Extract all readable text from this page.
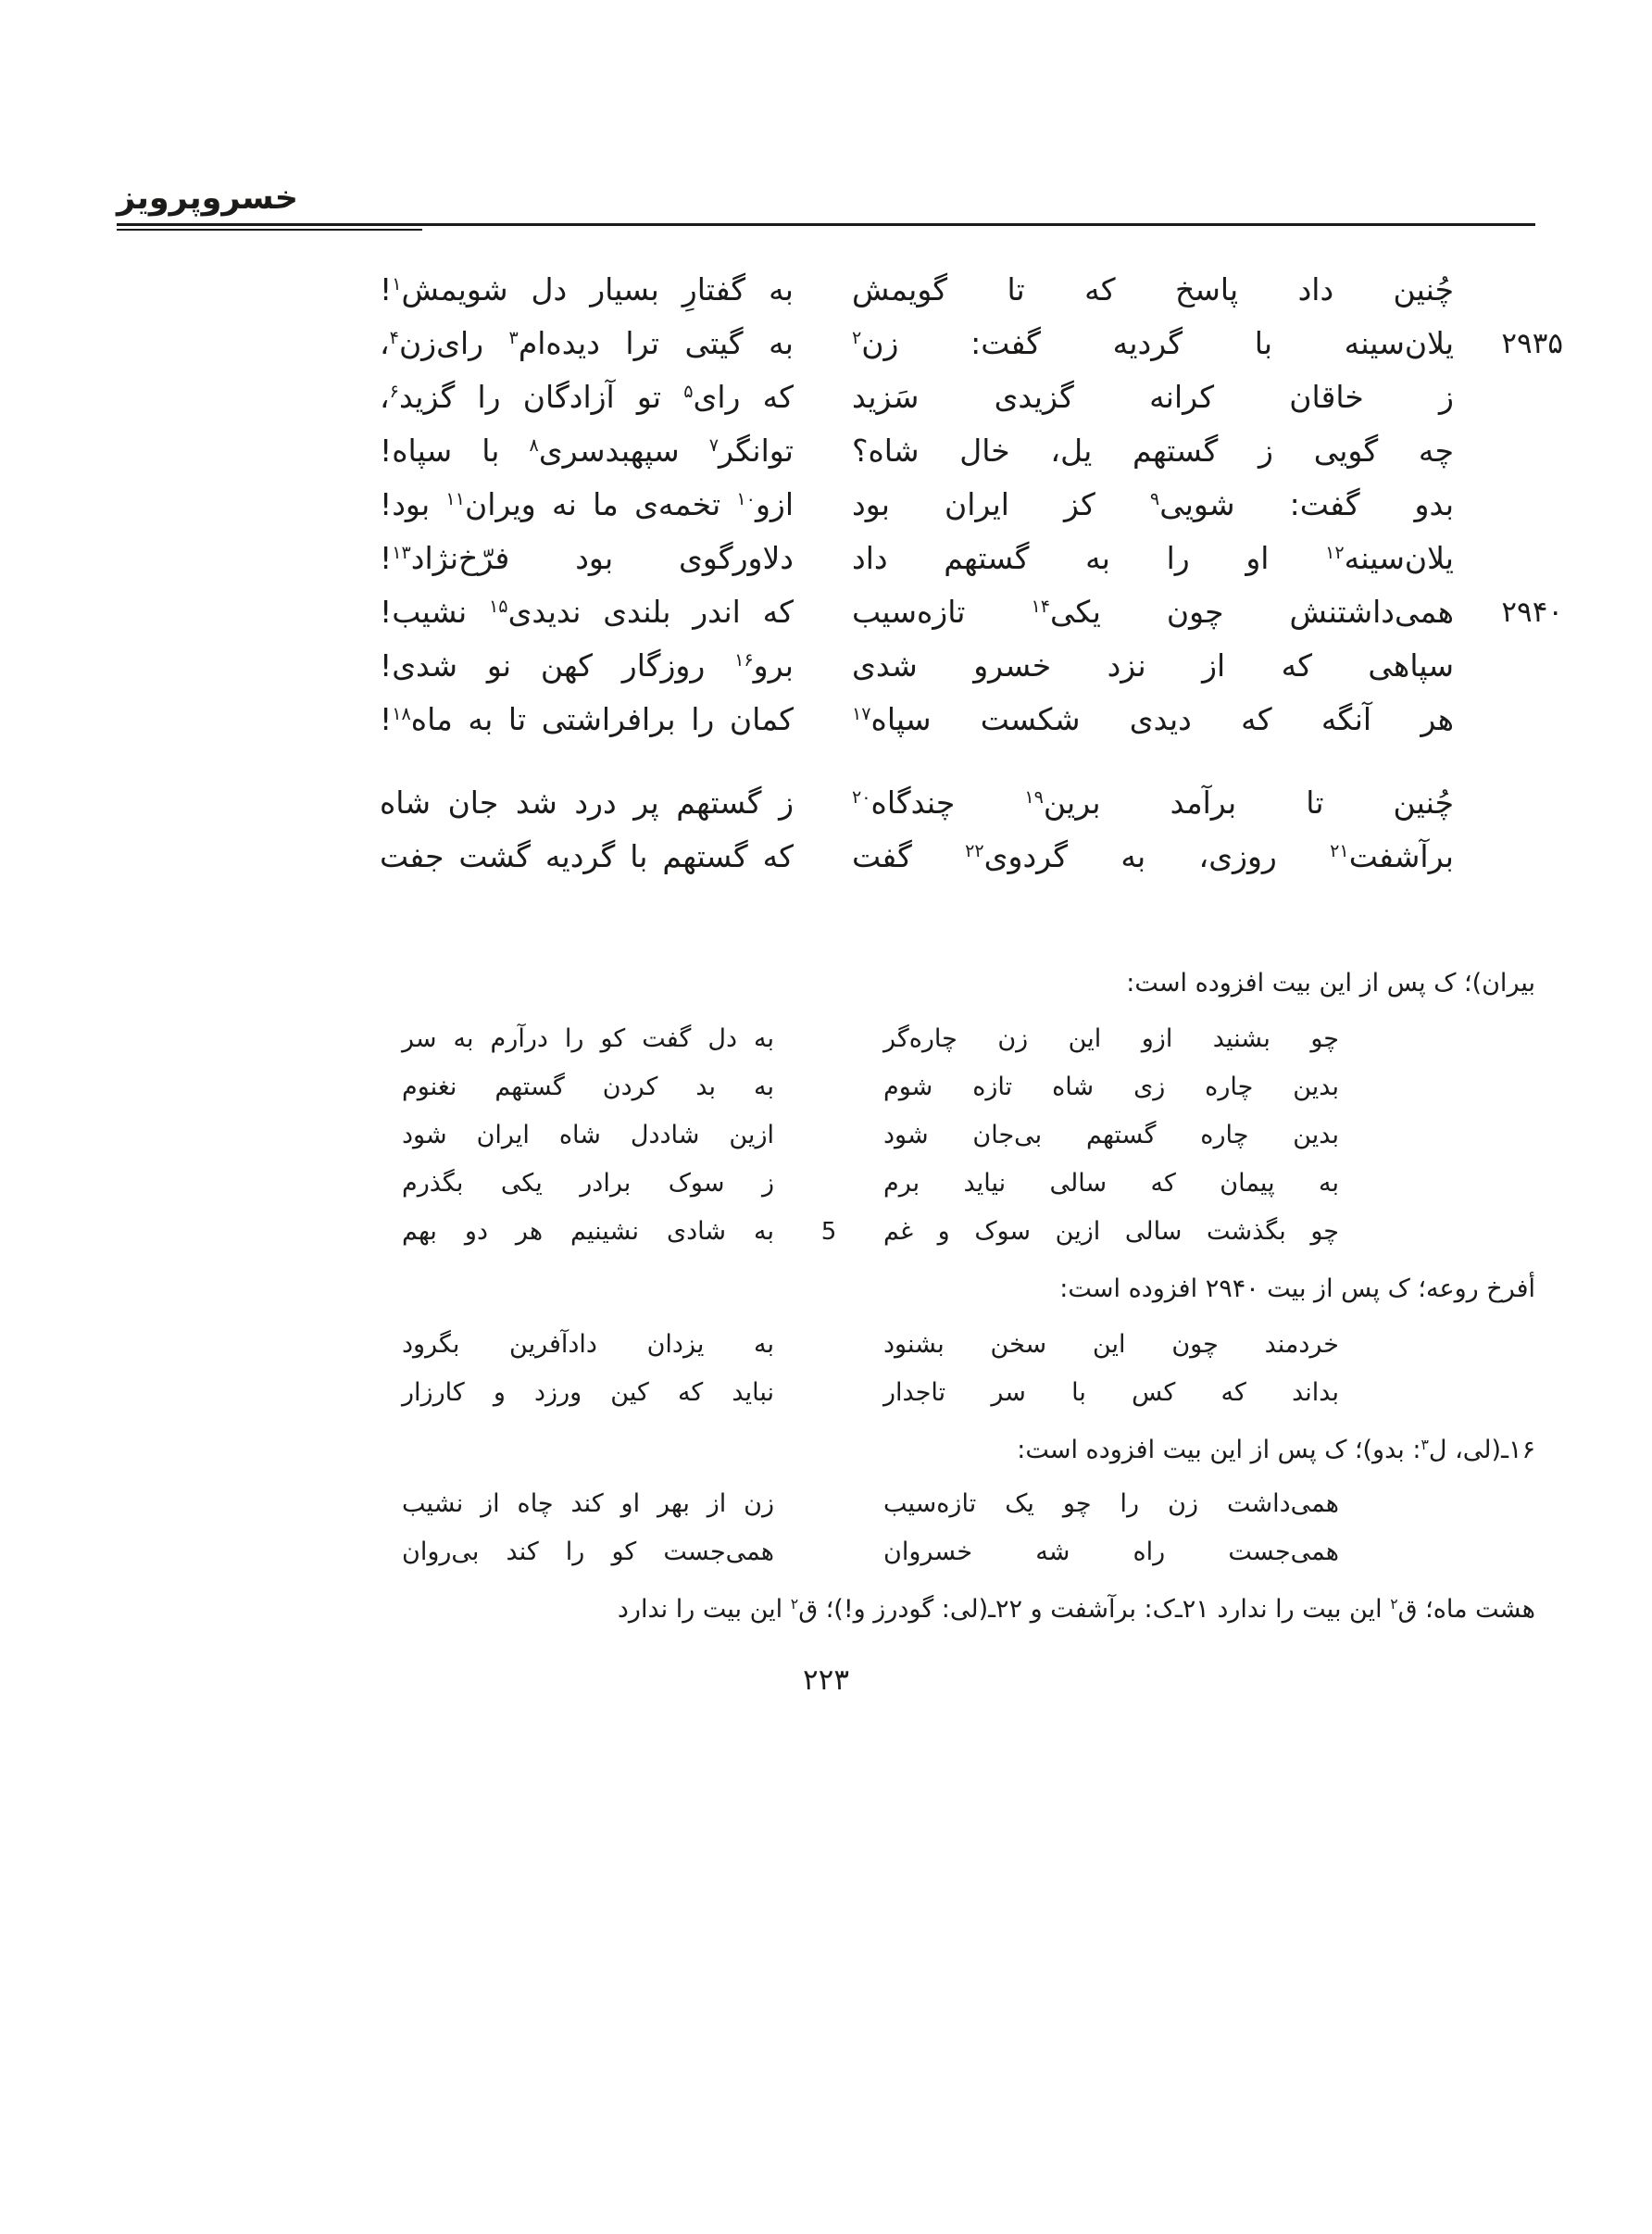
خسروپرویز
چُنین داد پاسخ که تا گویمش
به گفتارِ بسیار دل شویمش$^۱$!
۲۹۳۵
یلان‌سینه با گردیه گفت: زن$^۲$
به گیتی ترا دیده‌ام$^۳$ رای‌زن$^۴$،
ز خاقان کرانه گزیدی سَزید
که رای$^۵$ تو آزادگان را گزید$^۶$،
چه گویی ز گستهم یل، خال شاه؟
توانگر$^۷$ سپهبدسری$^۸$ با سپاه!
بدو گفت: شویی$^۹$ کز ایران بود
ازو$^{۱۰}$ تخمه‌ی ما نه ویران$^{۱۱}$ بود!
یلان‌سینه$^{۱۲}$ او را به گستهم داد
دلاورگوی بود فرّخ‌نژاد$^{۱۳}$!
۲۹۴۰
همی‌داشتنش چون یکی$^{۱۴}$ تازه‌سیب
که اندر بلندی ندیدی$^{۱۵}$ نشیب!
سپاهی که از نزد خسرو شدی
برو$^{۱۶}$ روزگار کهن نو شدی!
هر آنگه که دیدی شکست سپاه$^{۱۷}$
کمان را برافراشتی تا به ماه$^{۱۸}$!
چُنین تا برآمد برین$^{۱۹}$ چندگاه$^{۲۰}$
ز گستهم پر درد شد جان شاه
برآشفت$^{۲۱}$ روزی، به گردوی$^{۲۲}$ گفت
که گستهم با گردیه گشت جفت
بیران)؛ ک پس از این بیت افزوده است:
چو بشنید ازو این زن چاره‌گر
به دل گفت کو را درآرم به سر
بدین چاره زی شاه تازه شوم
به بد کردن گستهم نغنوم
بدین چاره گستهم بی‌جان شود
ازین شاددل شاه ایران شود
به پیمان که سالی نیاید برم
ز سوک برادر یکی بگذرم
چو بگذشت سالی ازین سوک و غم
5
به شادی نشینیم هر دو بهم
أفرخ روعه؛ ک پس از بیت ۲۹۴۰ افزوده است:
خردمند چون این سخن بشنود
به یزدان دادآفرین بگرود
بداند که کس با سر تاجدار
نباید که کین ورزد و کارزار
۱۶ـ(لی، ل$^۳$: بدو)؛ ک پس از این بیت افزوده است:
همی‌داشت زن را چو یک تازه‌سیب
زن از بهر او کند چاه از نشیب
همی‌جست راه شه خسروان
همی‌جست کو را کند بی‌روان
هشت ماه؛ ق$^۲$ این بیت را ندارد ۲۱ـ‌ک: برآشفت و ۲۲ـ(لی: گودرز و!)؛ ق$^۲$ این بیت را ندارد
۲۲۳
